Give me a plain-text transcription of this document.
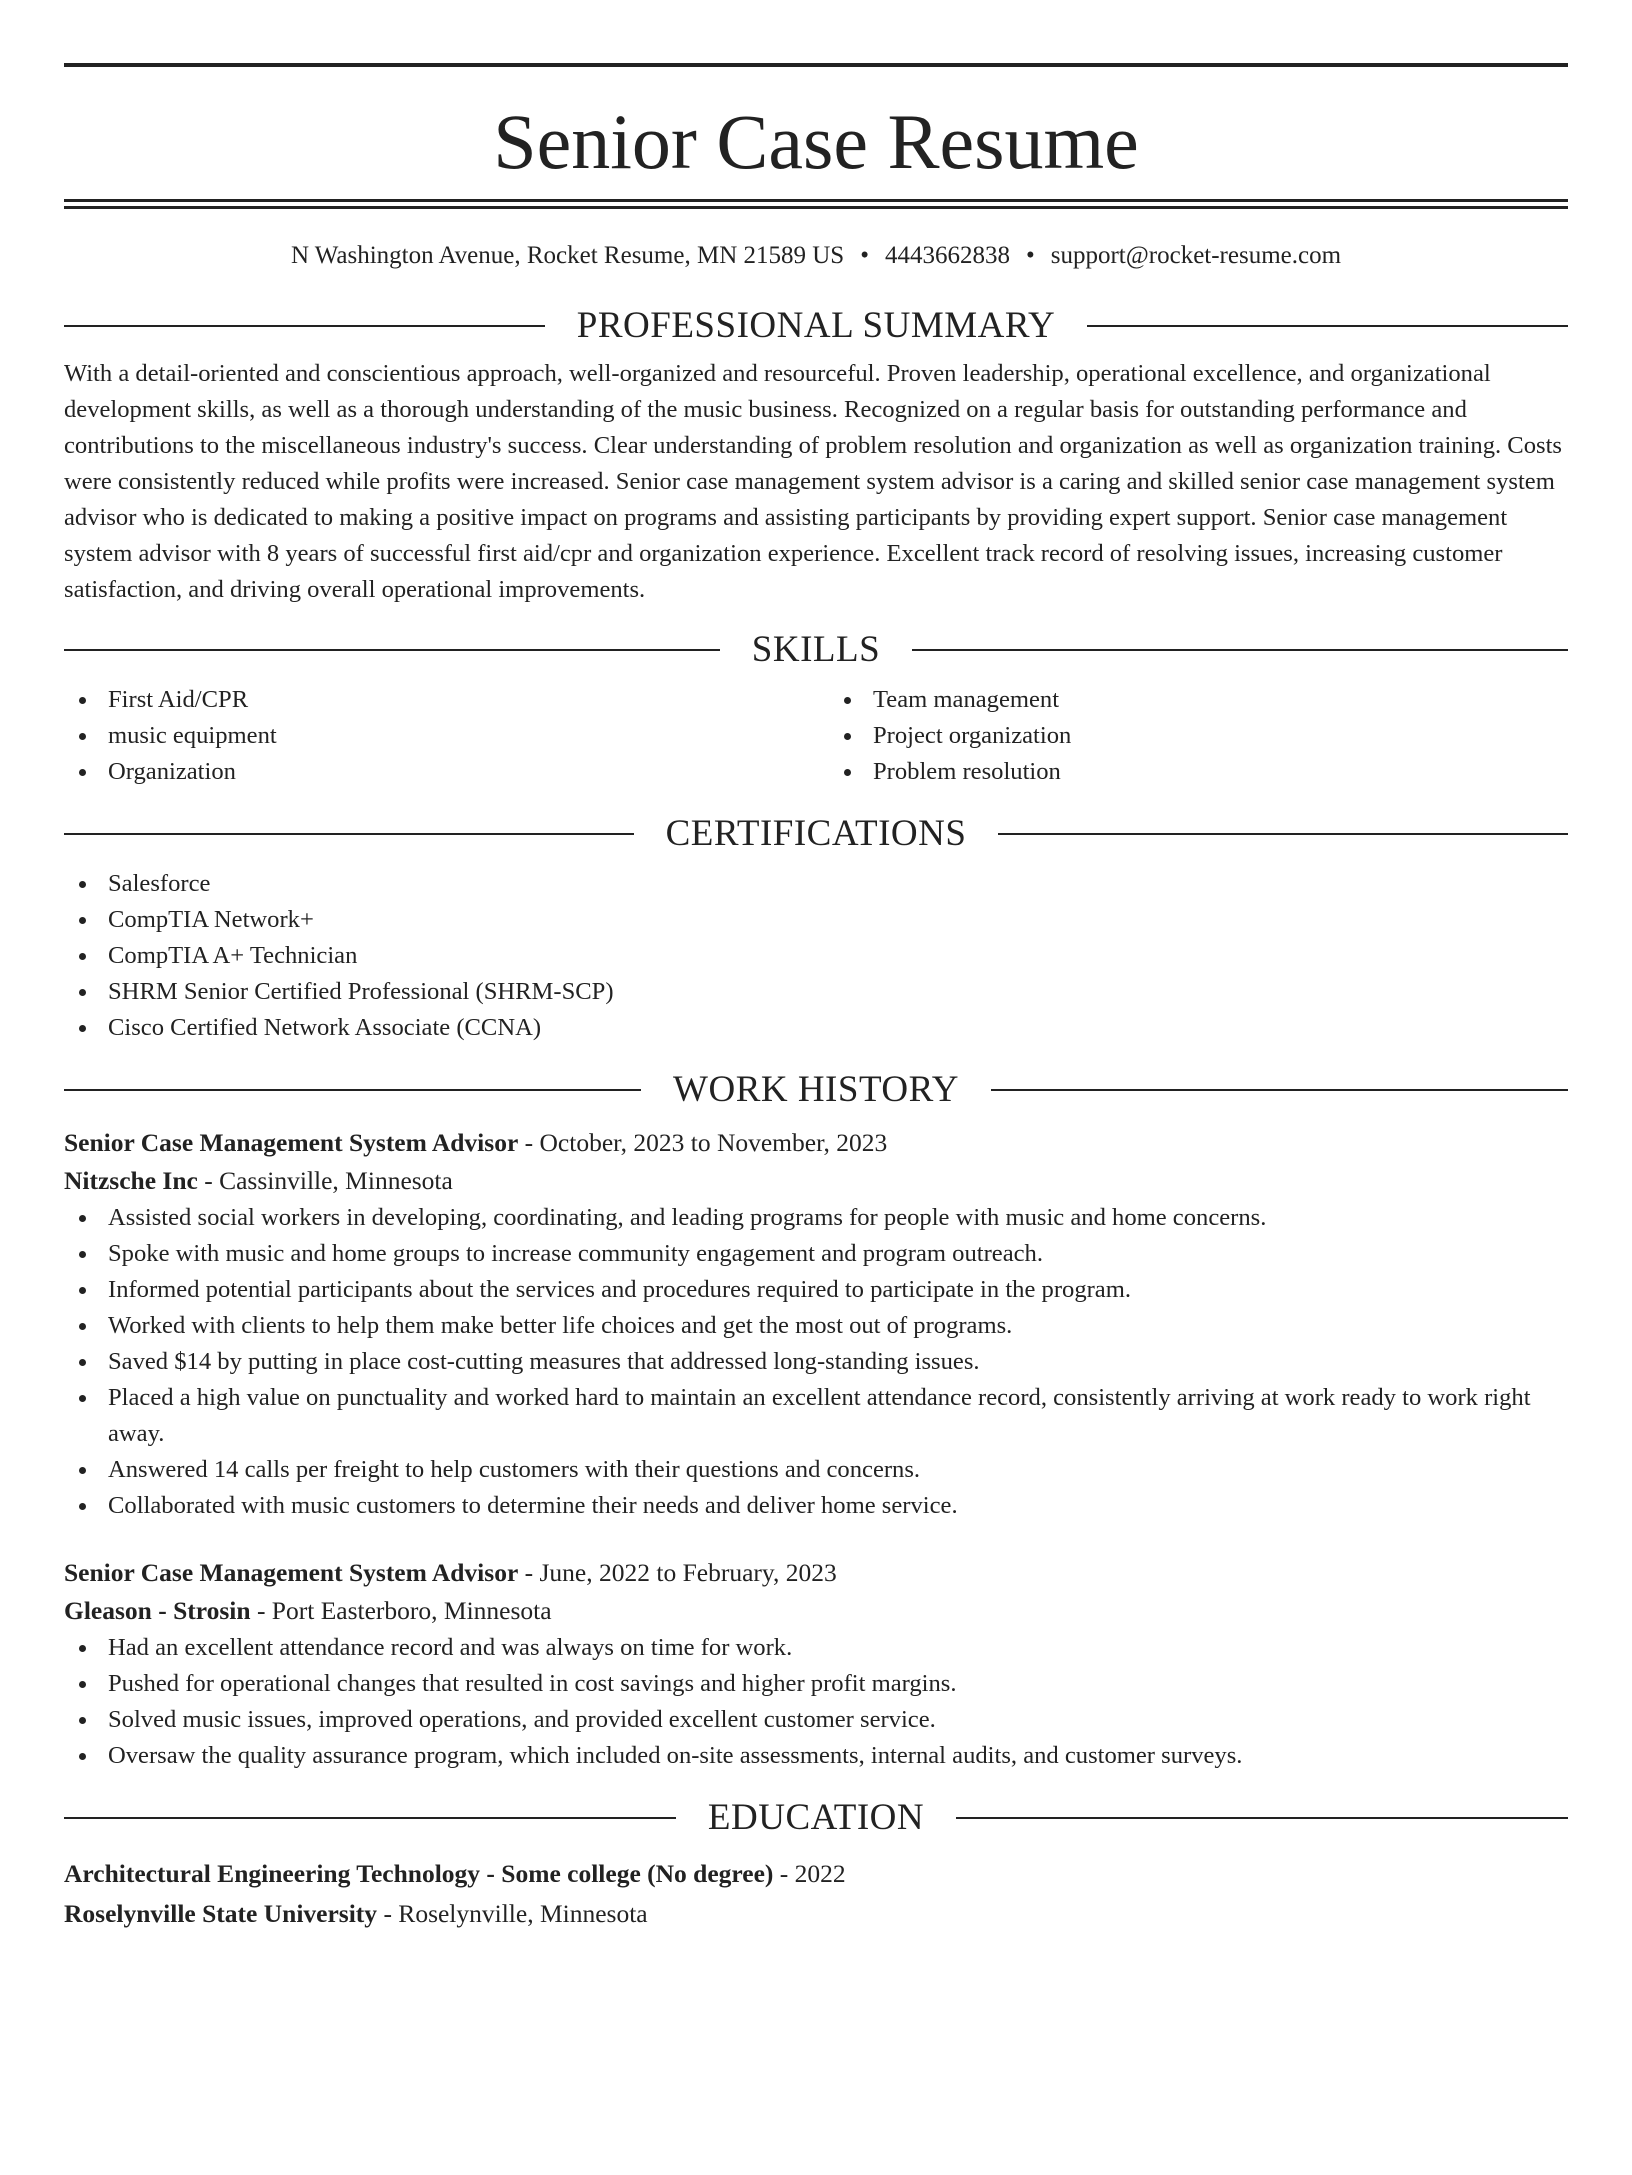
Senior Case Resume
N Washington Avenue, Rocket Resume, MN 21589 US • 4443662838 • support@rocket-resume.com
PROFESSIONAL SUMMARY

With a detail-oriented and conscientious approach, well-organized and resourceful. Proven leadership, operational excellence, and organizational development skills, as well as a thorough understanding of the music business. Recognized on a regular basis for outstanding performance and contributions to the miscellaneous industry's success. Clear understanding of problem resolution and organization as well as organization training. Costs were consistently reduced while profits were increased. Senior case management system advisor is a caring and skilled senior case management system advisor who is dedicated to making a positive impact on programs and assisting participants by providing expert support. Senior case management system advisor with 8 years of successful first aid/cpr and organization experience. Excellent track record of resolving issues, increasing customer satisfaction, and driving overall operational improvements.

SKILLS
First Aid/CPR
music equipment
Organization
Team management
Project organization
Problem resolution
CERTIFICATIONS
Salesforce
CompTIA Network+
CompTIA A+ Technician
SHRM Senior Certified Professional (SHRM-SCP)
Cisco Certified Network Associate (CCNA)
WORK HISTORY
Senior Case Management System Advisor - October, 2023 to November, 2023
Nitzsche Inc - Cassinville, Minnesota
Assisted social workers in developing, coordinating, and leading programs for people with music and home concerns.
Spoke with music and home groups to increase community engagement and program outreach.
Informed potential participants about the services and procedures required to participate in the program.
Worked with clients to help them make better life choices and get the most out of programs.
Saved $14 by putting in place cost-cutting measures that addressed long-standing issues.
Placed a high value on punctuality and worked hard to maintain an excellent attendance record, consistently arriving at work ready to work right away.
Answered 14 calls per freight to help customers with their questions and concerns.
Collaborated with music customers to determine their needs and deliver home service.
Senior Case Management System Advisor - June, 2022 to February, 2023
Gleason - Strosin - Port Easterboro, Minnesota
Had an excellent attendance record and was always on time for work.
Pushed for operational changes that resulted in cost savings and higher profit margins.
Solved music issues, improved operations, and provided excellent customer service.
Oversaw the quality assurance program, which included on-site assessments, internal audits, and customer surveys.
EDUCATION
Architectural Engineering Technology - Some college (No degree) - 2022
Roselynville State University - Roselynville, Minnesota
